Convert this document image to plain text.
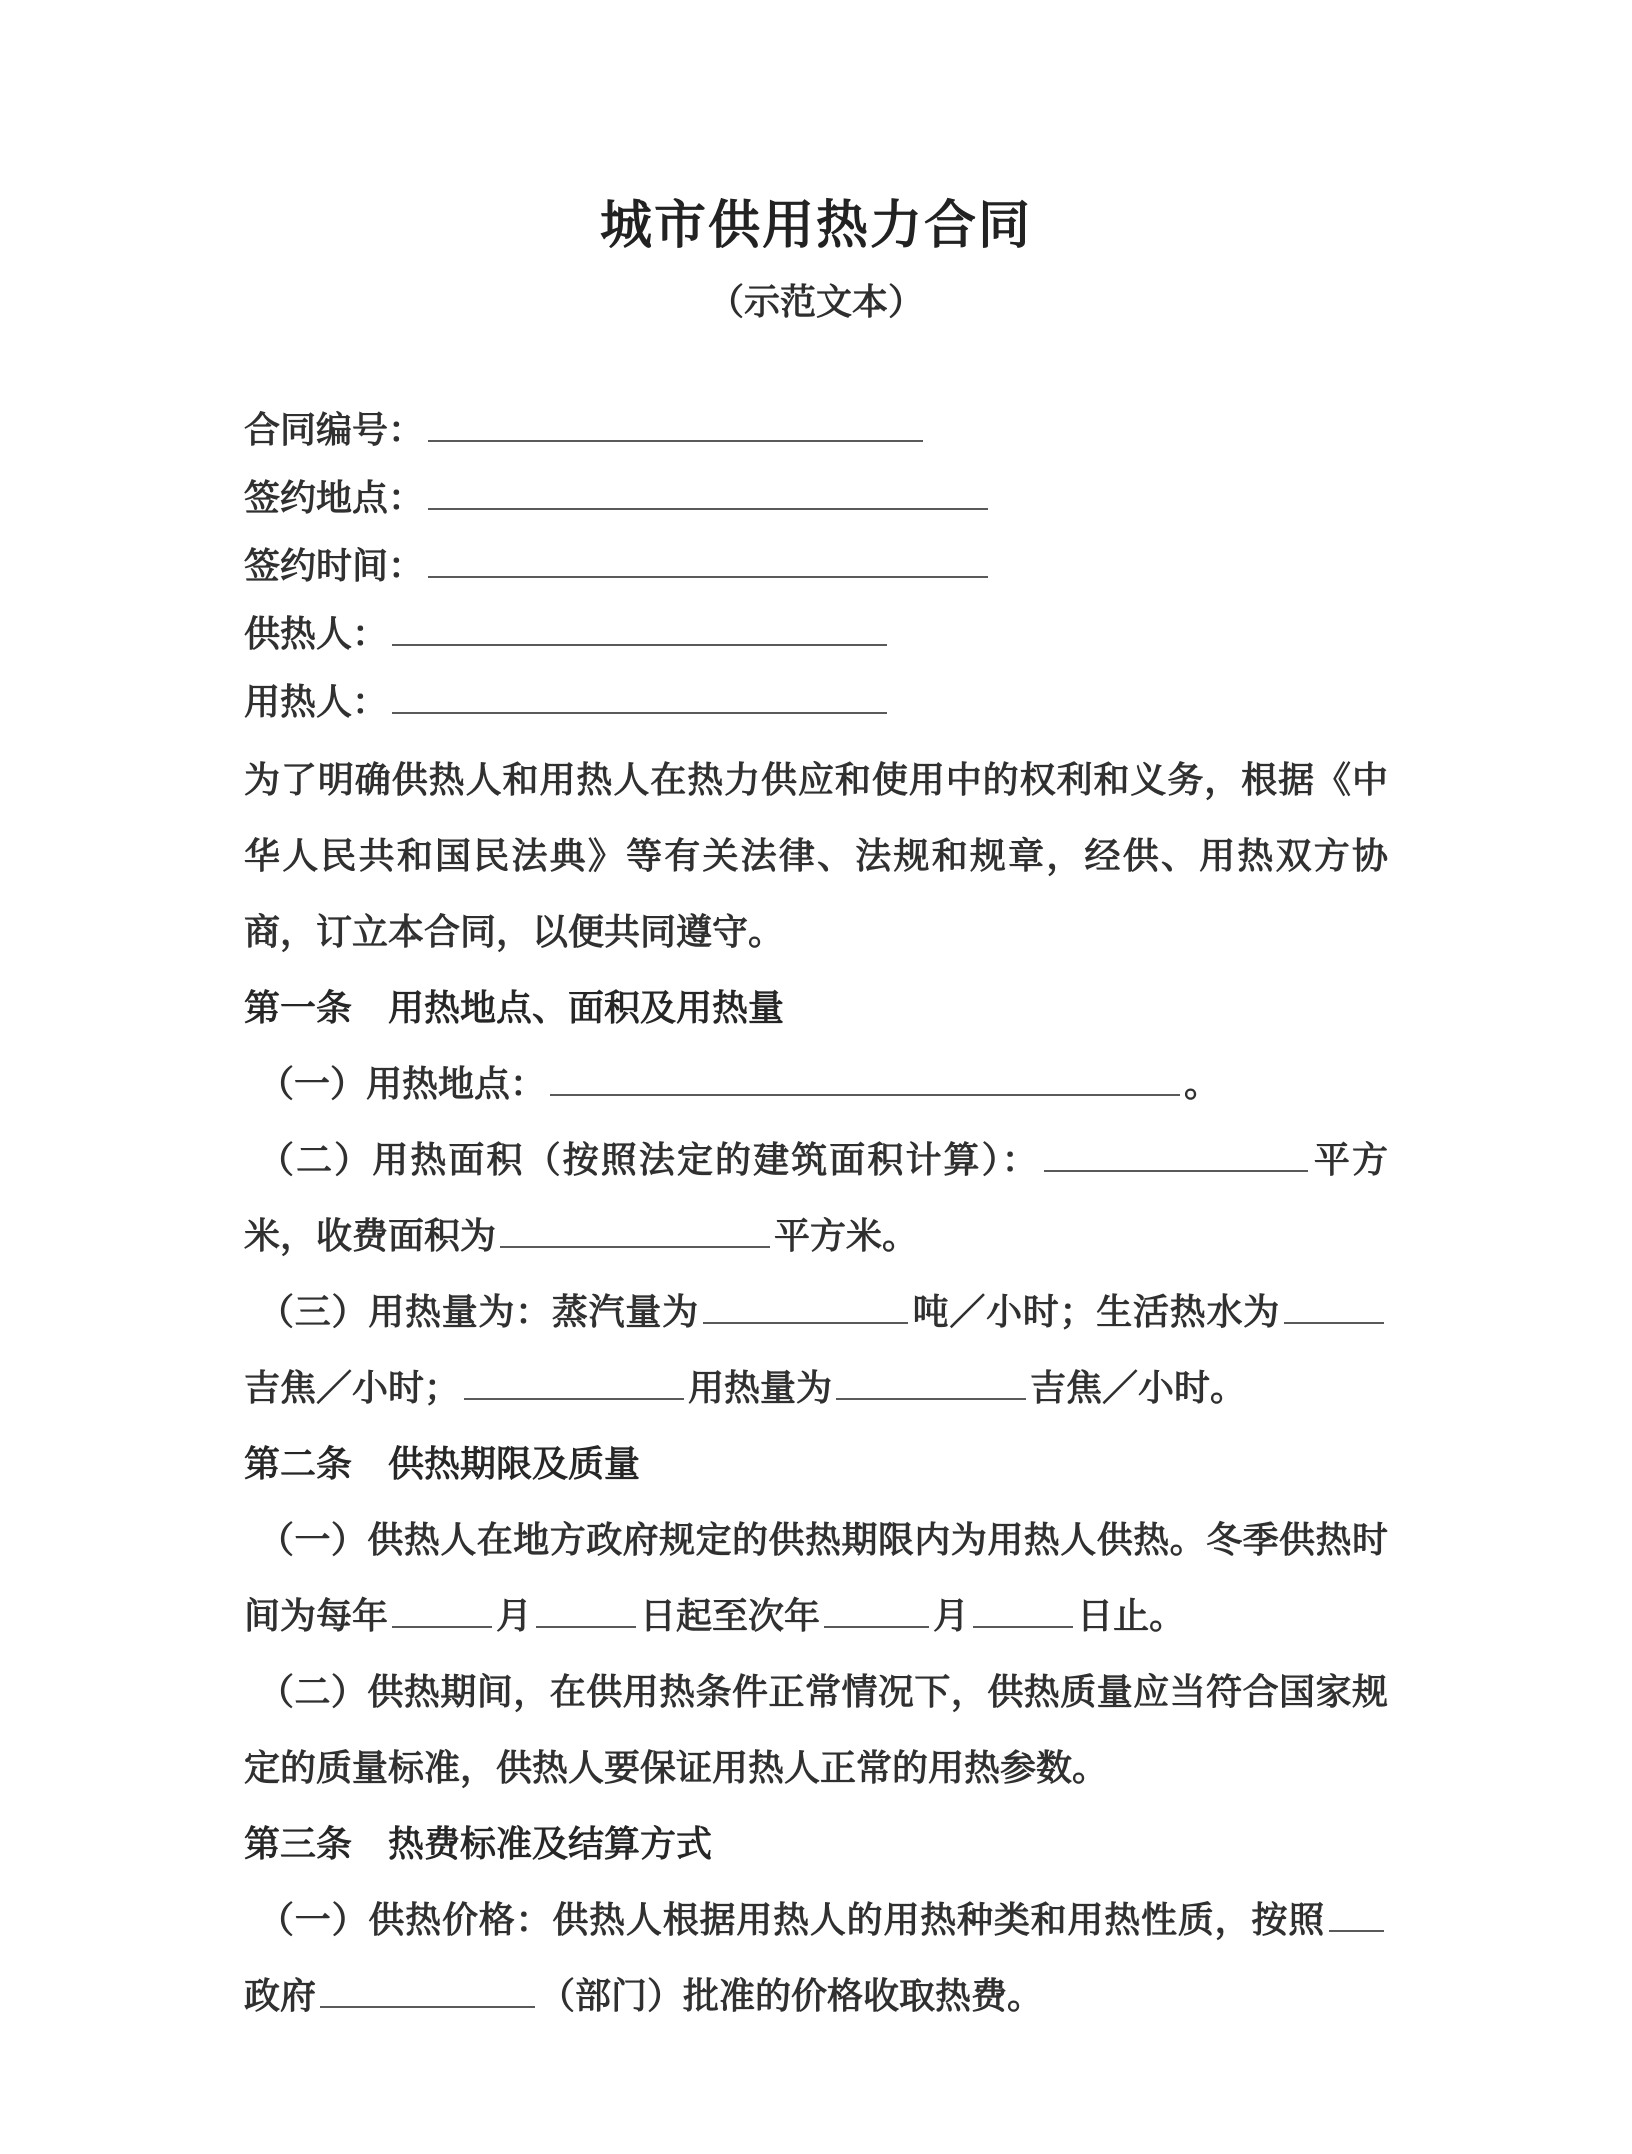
城市供用热力合同
（示范文本）
合同编号：
签约地点：
签约时间：
供热人：
用热人：

为了明确供热人和用热人在热力供应和使用中的权利和义务，根据《中华人民共和国民法典》等有关法律、法规和规章，经供、用热双方协商，订立本合同，以便共同遵守。

第一条　用热地点、面积及用热量

（一）用热地点：	。

（二）用热面积（按照法定的建筑面积计算）：	平方米，收费面积为	平方米。

（三）用热量为：蒸汽量为	吨／小时；生活热水为吉焦／小时；	用热量为	吉焦／小时。

第二条　供热期限及质量

（一）供热人在地方政府规定的供热期限内为用热人供热。冬季供热时间为每年	月	日起至次年	月	日止。

（二）供热期间，在供用热条件正常情况下，供热质量应当符合国家规定的质量标准，供热人要保证用热人正常的用热参数。

第三条　热费标准及结算方式

（一）供热价格：供热人根据用热人的用热种类和用热性质，按照政府	（部门）批准的价格收取热费。
